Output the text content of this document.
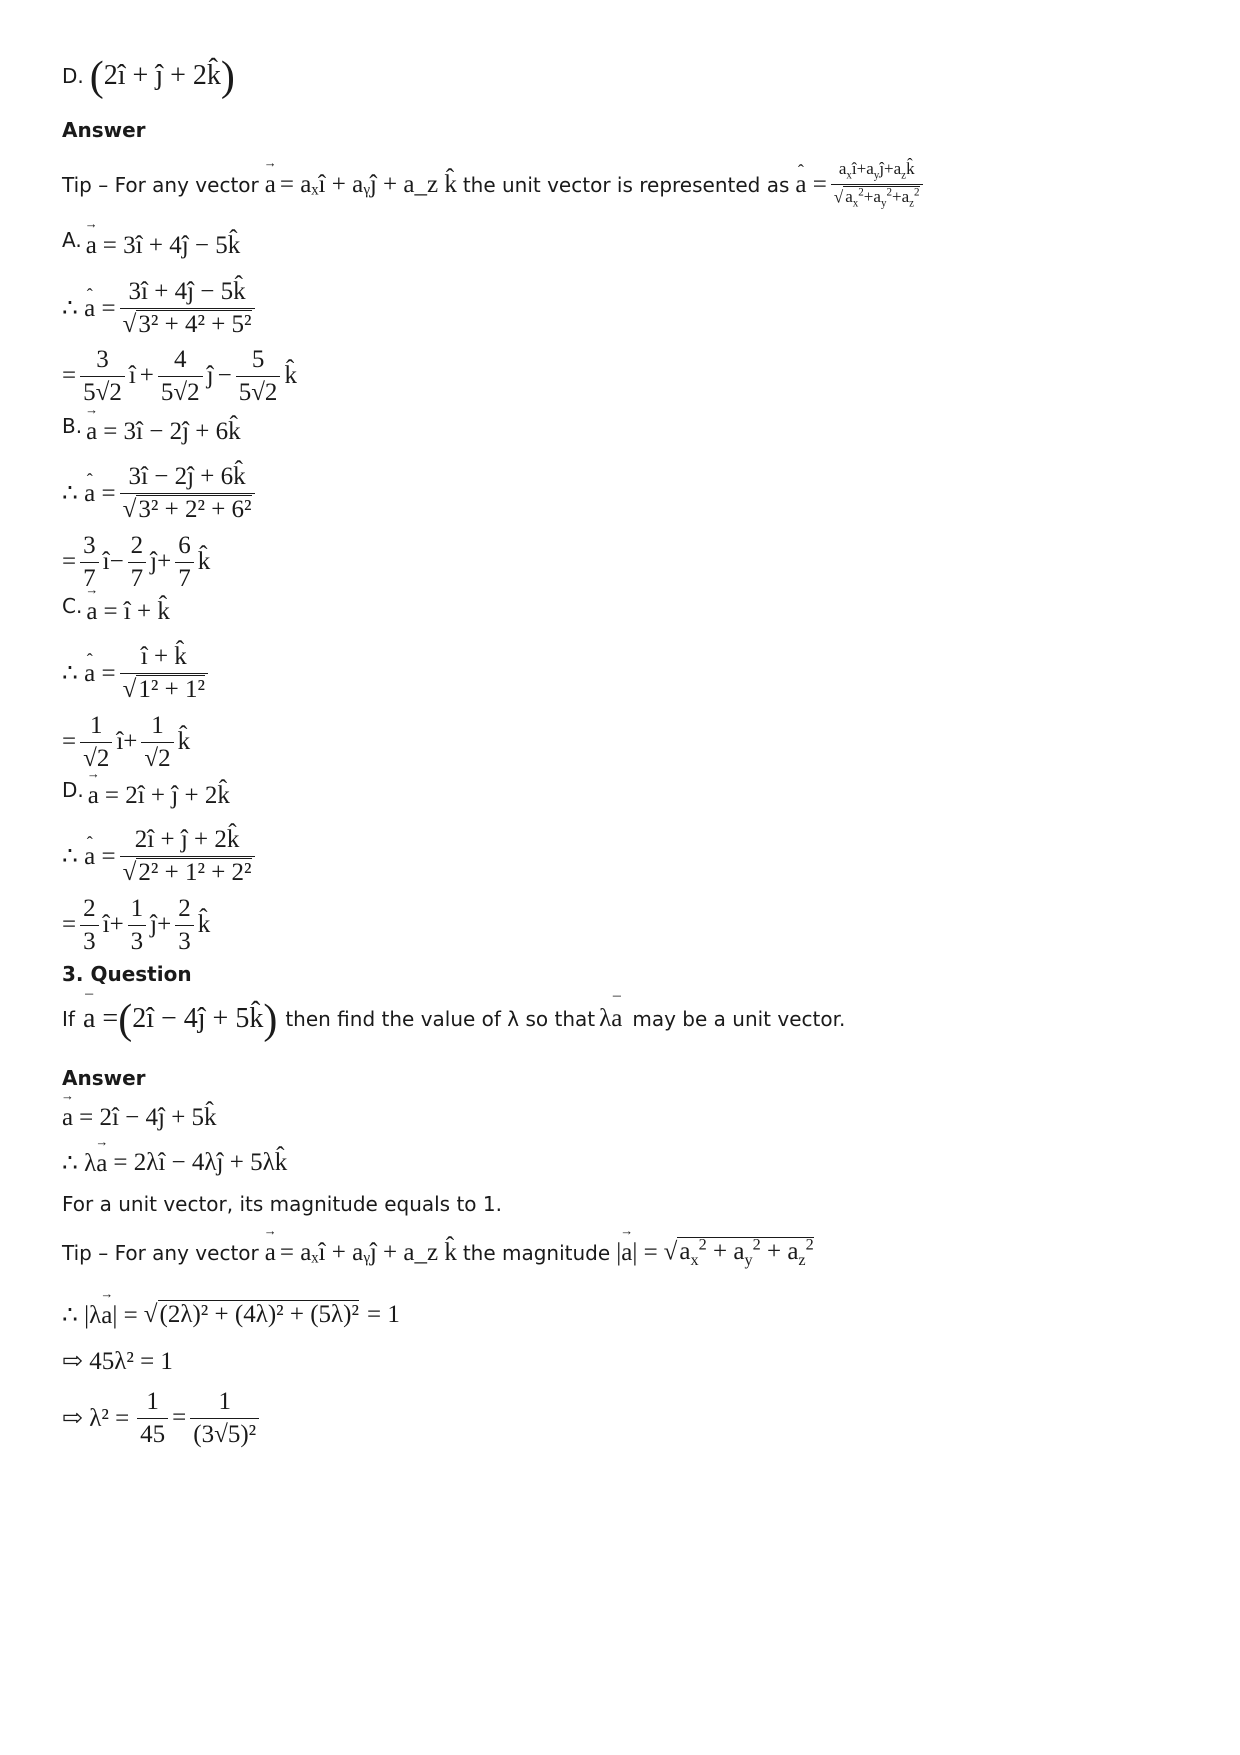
D. ( 2î + ĵ + 2k̂ )
Answer
Tip – For any vector a → = aₓî + aᵧĵ + a_z k̂ the unit vector is represented as a ˆ = $\frac{a_xî+a_yĵ+a_zk̂}{√ a_x^2+a_y^2+a_z^2}$
A. a → = 3î + 4ĵ − 5k̂
∴ a ˆ = $\frac{3î + 4ĵ - 5k̂}{\text{√3² + 4² + 5²}}$
= $\frac{3}{5√2}$ î + $\frac{4}{5√2}$ ĵ − $\frac{5}{5√2}$ k̂
B. a → = 3î − 2ĵ + 6k̂
∴ a ˆ = $\frac{3î - 2ĵ + 6k̂}{\text{√3² + 2² + 6²}}$
= $\frac{3}{7}$ î − $\frac{2}{7}$ ĵ + $\frac{6}{7}$ k̂
C. a → = î + k̂
∴ a ˆ = $\frac{î + k̂}{\text{√1² + 1²}}$
= $\frac{1}{√2}$ î + $\frac{1}{√2}$ k̂
D. a → = 2î + ĵ + 2k̂
∴ a ˆ = $\frac{2î + ĵ + 2k̂}{\text{√2² + 1² + 2²}}$
= $\frac{2}{3}$ î + $\frac{1}{3}$ ĵ + $\frac{2}{3}$ k̂
3. Question
If a – = ( 2î − 4ĵ + 5k̂ ) then find the value of λ so that λa – may be a unit vector.
Answer
a → = 2î − 4ĵ + 5k̂
∴ λa → = 2λî − 4λĵ + 5λk̂
For a unit vector, its magnitude equals to 1.
Tip – For any vector a → = aₓî + aᵧĵ + a_z k̂ the magnitude |a →| = $√a_x^2 + a_y^2 + a_z^2$
∴ |λa →| = √(2λ)² + (4λ)² + (5λ)² = 1
⇨ 45λ² = 1
⇨ $\lambda^2 = \frac{1}{45} = \frac{1}{\text{(3√5)²}}$
